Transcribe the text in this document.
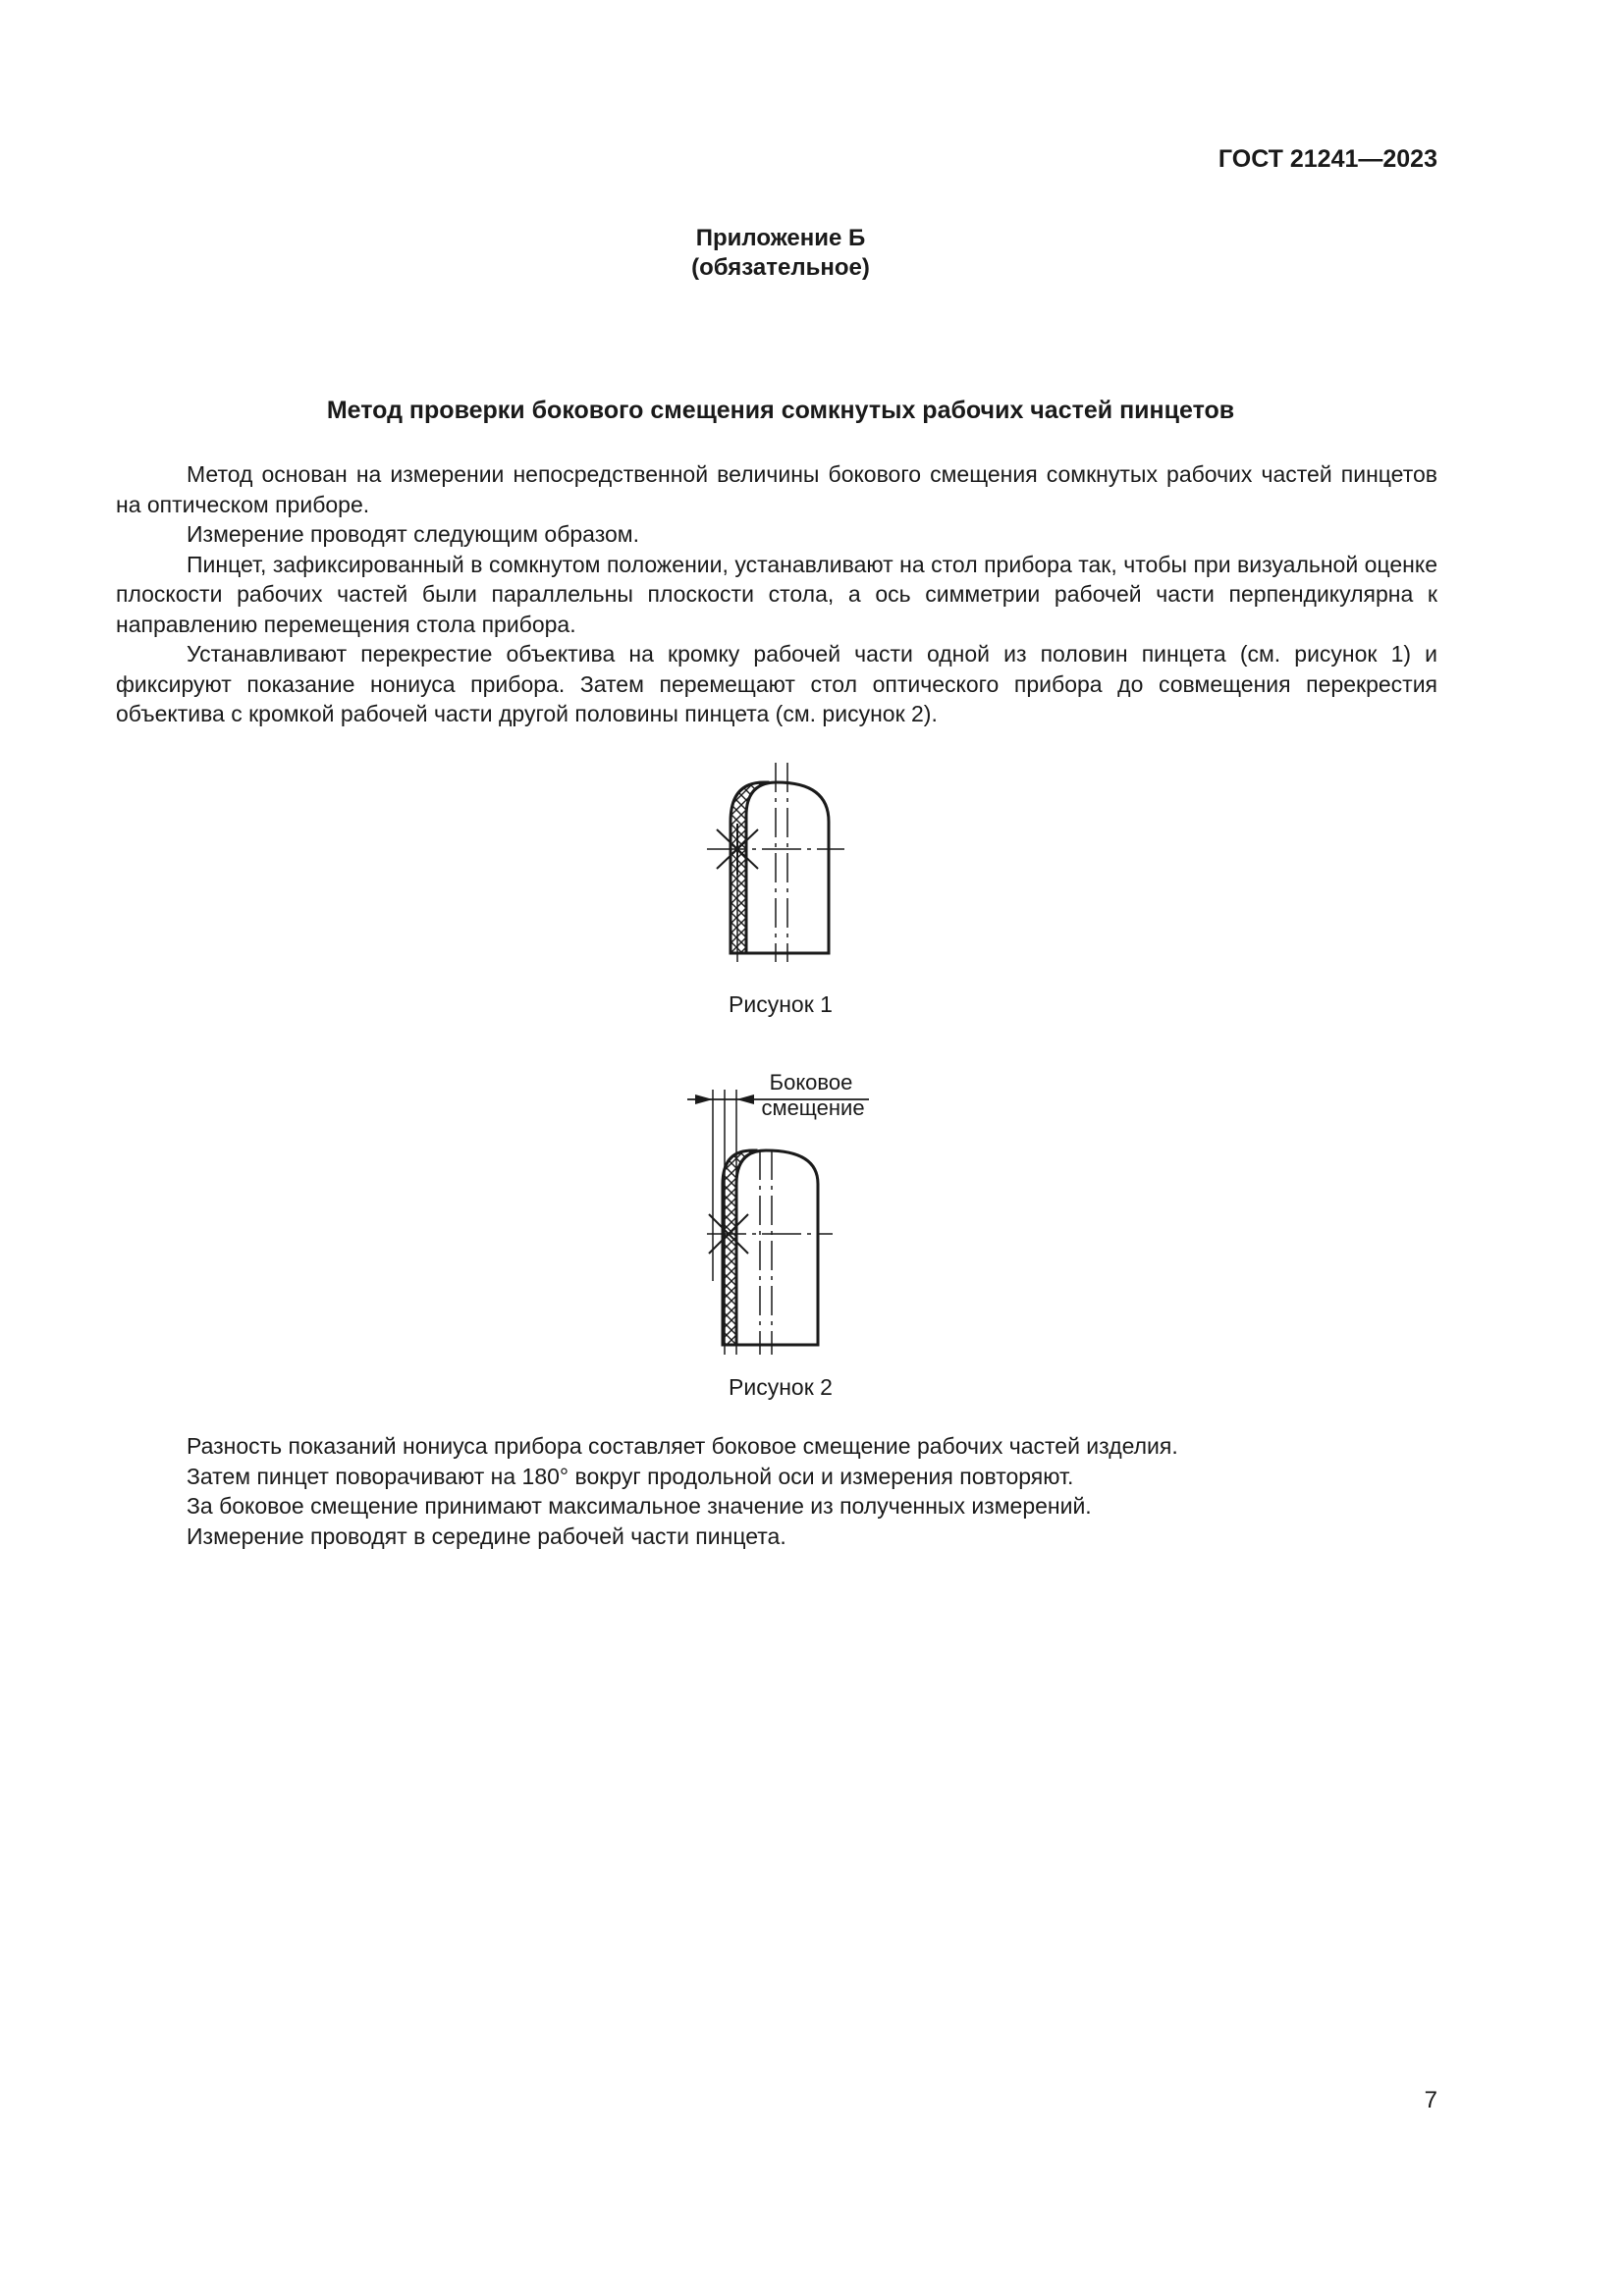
ГОСТ 21241—2023
Приложение Б
(обязательное)
Метод проверки бокового смещения сомкнутых рабочих частей пинцетов

Метод основан на измерении непосредственной величины бокового смещения сомкнутых рабочих частей пинцетов на оптическом приборе.

Измерение проводят следующим образом.

Пинцет, зафиксированный в сомкнутом положении, устанавливают на стол прибора так, чтобы при визуальной оценке плоскости рабочих частей были параллельны плоскости стола, а ось симметрии рабочей части перпендикулярна к направлению перемещения стола прибора.

Устанавливают перекрестие объектива на кромку рабочей части одной из половин пинцета (см. рисунок 1) и фиксируют показание нониуса прибора. Затем перемещают стол оптического прибора до совмещения перекрестия объектива с кромкой рабочей части другой половины пинцета (см. рисунок 2).

Рисунок 1
Боковое
смещение
Рисунок 2

Разность показаний нониуса прибора составляет боковое смещение рабочих частей изделия.

Затем пинцет поворачивают на 180° вокруг продольной оси и измерения повторяют.

За боковое смещение принимают максимальное значение из полученных измерений.

Измерение проводят в середине рабочей части пинцета.

7
